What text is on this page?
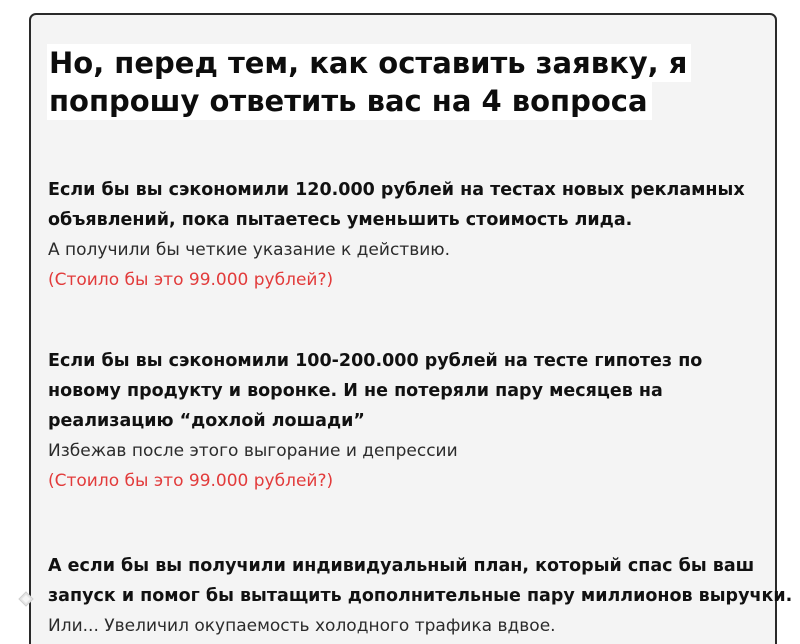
Но, перед тем, как оставить заявку, я
попрошу ответить вас на 4 вопроса

Если бы вы сэкономили 120.000 рублей на тестах новых рекламных
объявлений, пока пытаетесь уменьшить стоимость лида.

А получили бы четкие указание к действию.

(Стоило бы это 99.000 рублей?)

Если бы вы сэкономили 100-200.000 рублей на тесте гипотез по
новому продукту и воронке. И не потеряли пару месяцев на
реализацию “дохлой лошади”

Избежав после этого выгорание и депрессии

(Стоило бы это 99.000 рублей?)

А если бы вы получили индивидуальный план, который спас бы ваш
запуск и помог бы вытащить дополнительные пару миллионов выручки.

Или... Увеличил окупаемость холодного трафика вдвое.
